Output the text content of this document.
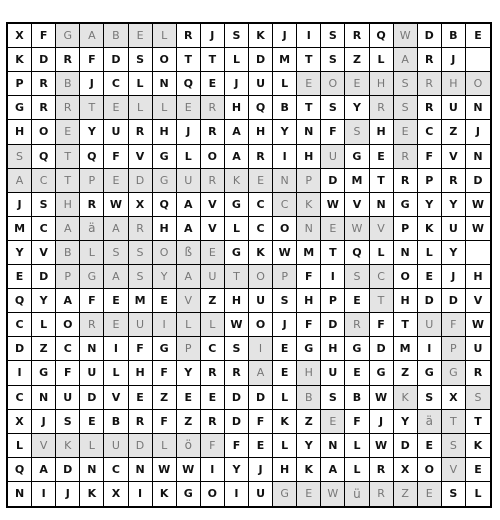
X	F	G	A	B	E	L	R	J	S	K	J	I	S	R	Q	W	D	B	E
K	D	R	F	D	S	O	T	T	L	D	M	T	S	Z	L	A	R	J
P	R	B	J	C	L	N	Q	E	J	U	L	E	O	E	H	S	R	H	O
G	R	R	T	E	L	L	E	R	H	Q	B	T	S	Y	R	S	R	U	N
H	O	E	Y	U	R	H	J	R	A	H	Y	N	F	S	H	E	C	Z	J
S	Q	T	Q	F	V	G	L	O	A	R	I	H	U	G	E	R	F	V	N
A	C	T	P	E	D	G	U	R	K	E	N	P	D	M	T	R	P	R	D
J	S	H	R	W	X	Q	A	V	G	C	C	K	W	V	N	G	Y	Y	W
M	C	A	ä	A	R	H	A	V	L	C	O	N	E	W	V	P	K	U	W
Y	V	B	L	S	S	O	ß	E	G	K	W	M	T	Q	L	N	L	Y
E	D	P	G	A	S	Y	A	U	T	O	P	F	I	S	C	O	E	J	H
Q	Y	A	F	E	M	E	V	Z	H	U	S	H	P	E	T	H	D	D	V
C	L	O	R	E	U	I	L	L	W	O	J	F	D	R	F	T	U	F	W
D	Z	C	N	I	F	G	P	C	S	I	E	G	H	G	D	M	I	P	U
I	G	F	U	L	H	F	Y	R	R	A	E	H	U	E	G	Z	G	G	R
C	N	U	D	V	E	Z	E	E	D	D	L	B	S	B	W	K	S	X	S
X	J	S	E	B	R	F	Z	R	D	F	K	Z	E	F	J	Y	ä	T	T
L	V	K	L	U	D	L	ö	F	F	E	L	Y	N	L	W	D	E	S	K
Q	A	D	N	C	N	W	W	I	Y	J	H	K	A	L	R	X	O	V	E
N	I	J	K	X	I	K	G	O	I	U	G	E	W	ü	R	Z	E	S	L
